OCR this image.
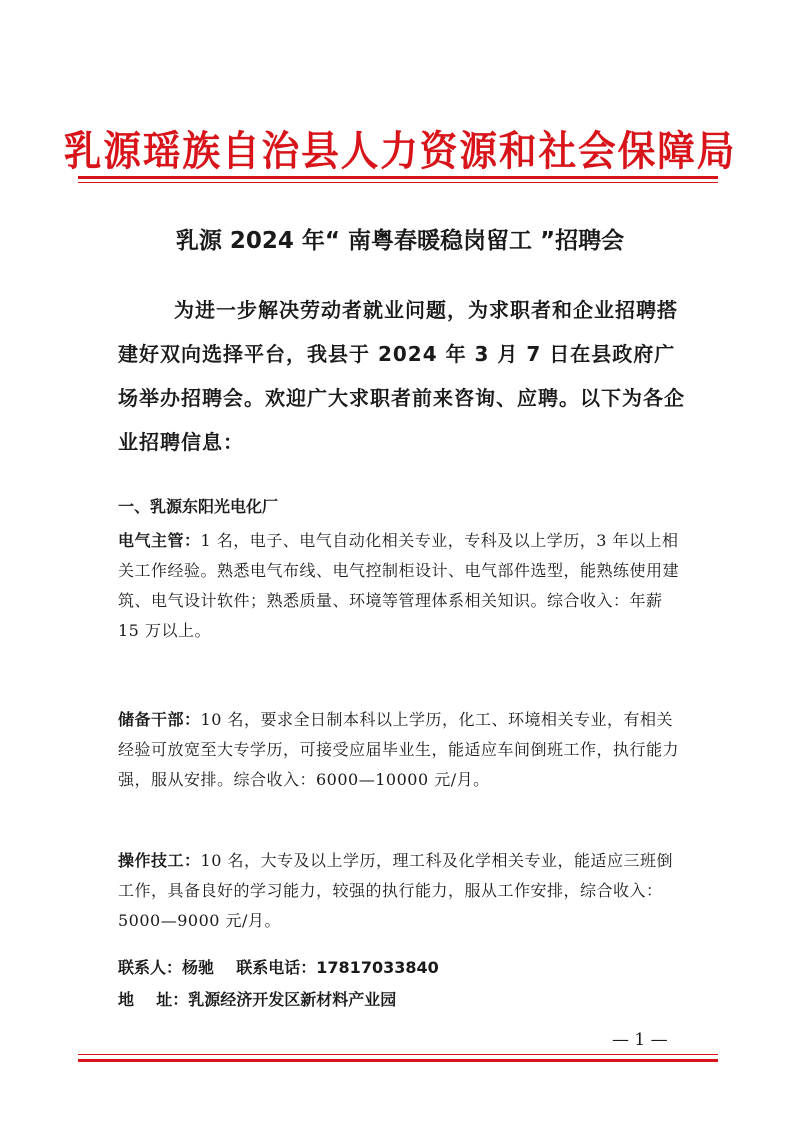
乳源瑶族自治县人力资源和社会保障局
乳源 2024 年“ 南粤春暖稳岗留工 ”招聘会

为进一步解决劳动者就业问题，为求职者和企业招聘搭建好双向选择平台，我县于 2024 年 3 月 7 日在县政府广场举办招聘会。欢迎广大求职者前来咨询、应聘。以下为各企业招聘信息：

一、乳源东阳光电化厂

电气主管：1 名，电子、电气自动化相关专业，专科及以上学历，3 年以上相关工作经验。熟悉电气布线、电气控制柜设计、电气部件选型，能熟练使用建筑、电气设计软件；熟悉质量、环境等管理体系相关知识。综合收入：年薪 15 万以上。

储备干部：10 名，要求全日制本科以上学历，化工、环境相关专业，有相关经验可放宽至大专学历，可接受应届毕业生，能适应车间倒班工作，执行能力强，服从安排。综合收入：6000—10000 元/月。

操作技工：10 名，大专及以上学历，理工科及化学相关专业，能适应三班倒工作，具备良好的学习能力，较强的执行能力，服从工作安排，综合收入：5000—9000 元/月。

联系人：杨驰    联系电话：17817033840
地    址：乳源经济开发区新材料产业园
— 1 —
